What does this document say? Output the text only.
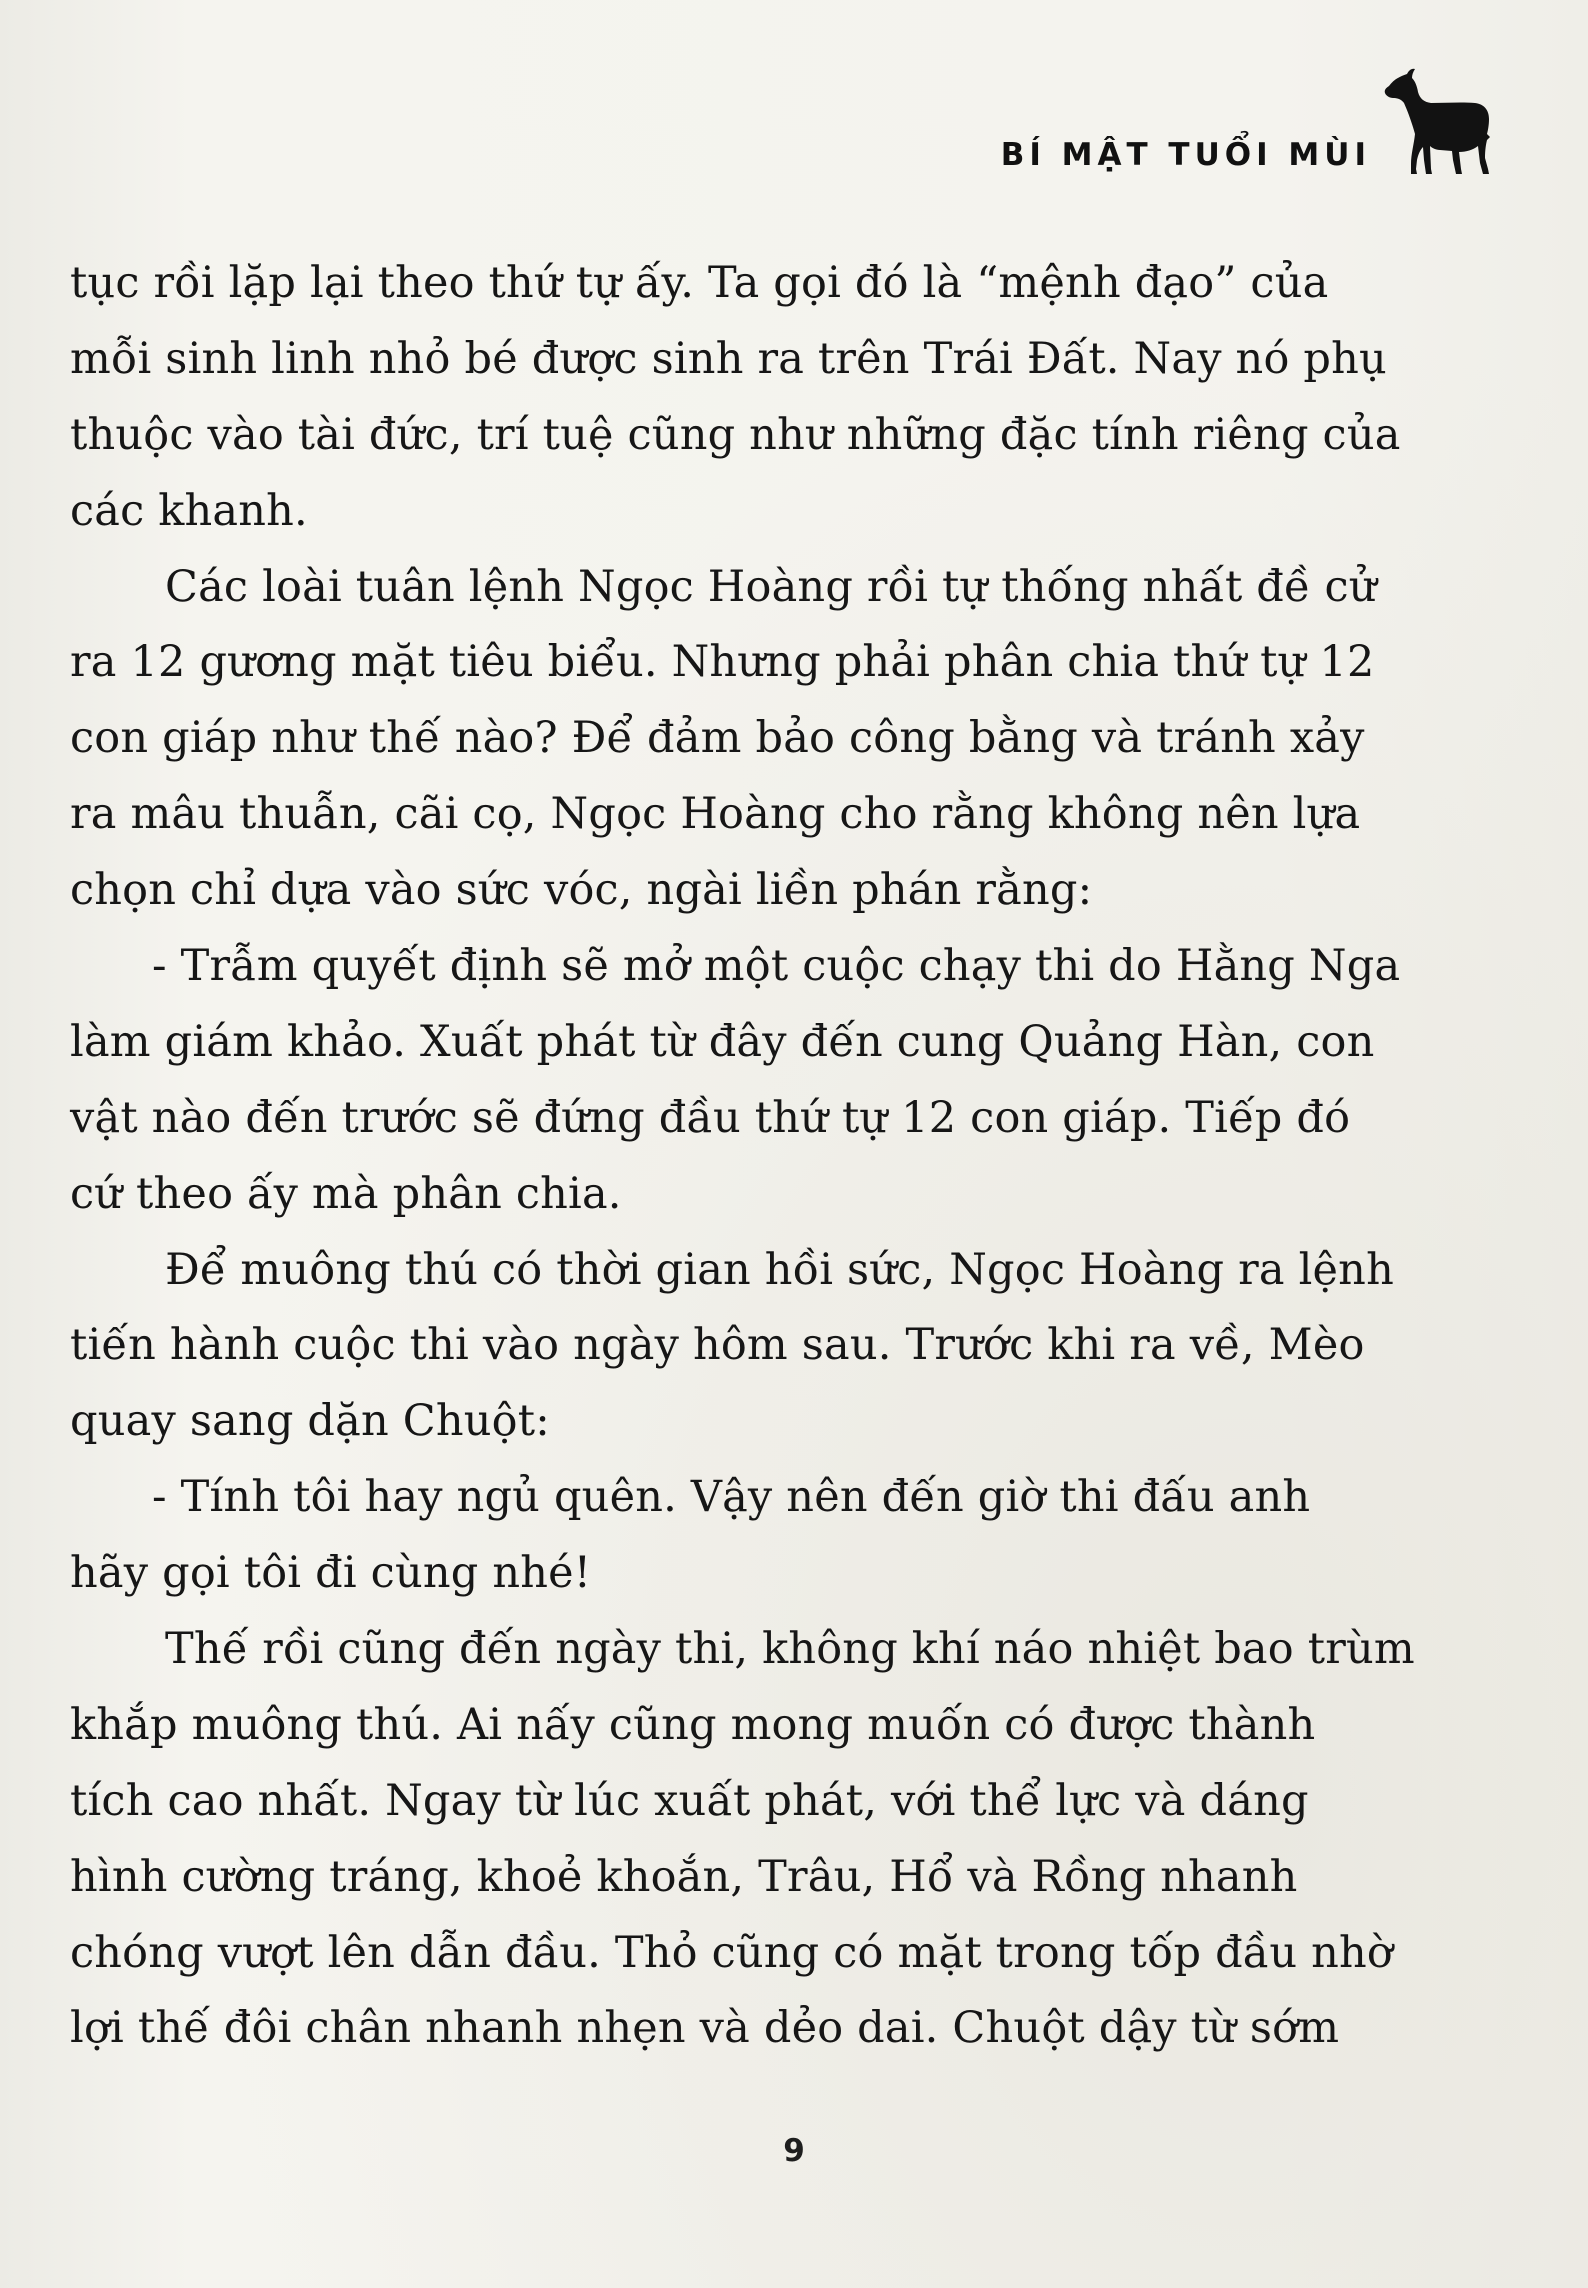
BÍ MẬT TUỔI MÙI
tục rồi lặp lại theo thứ tự ấy. Ta gọi đó là “mệnh đạo” của
mỗi sinh linh nhỏ bé được sinh ra trên Trái Đất. Nay nó phụ
thuộc vào tài đức, trí tuệ cũng như những đặc tính riêng của
các khanh.
Các loài tuân lệnh Ngọc Hoàng rồi tự thống nhất đề cử
ra 12 gương mặt tiêu biểu. Nhưng phải phân chia thứ tự 12
con giáp như thế nào? Để đảm bảo công bằng và tránh xảy
ra mâu thuẫn, cãi cọ, Ngọc Hoàng cho rằng không nên lựa
chọn chỉ dựa vào sức vóc, ngài liền phán rằng:
- Trẫm quyết định sẽ mở một cuộc chạy thi do Hằng Nga
làm giám khảo. Xuất phát từ đây đến cung Quảng Hàn, con
vật nào đến trước sẽ đứng đầu thứ tự 12 con giáp. Tiếp đó
cứ theo ấy mà phân chia.
Để muông thú có thời gian hồi sức, Ngọc Hoàng ra lệnh
tiến hành cuộc thi vào ngày hôm sau. Trước khi ra về, Mèo
quay sang dặn Chuột:
- Tính tôi hay ngủ quên. Vậy nên đến giờ thi đấu anh
hãy gọi tôi đi cùng nhé!
Thế rồi cũng đến ngày thi, không khí náo nhiệt bao trùm
khắp muông thú. Ai nấy cũng mong muốn có được thành
tích cao nhất. Ngay từ lúc xuất phát, với thể lực và dáng
hình cường tráng, khoẻ khoắn, Trâu, Hổ và Rồng nhanh
chóng vượt lên dẫn đầu. Thỏ cũng có mặt trong tốp đầu nhờ
lợi thế đôi chân nhanh nhẹn và dẻo dai. Chuột dậy từ sớm
9
